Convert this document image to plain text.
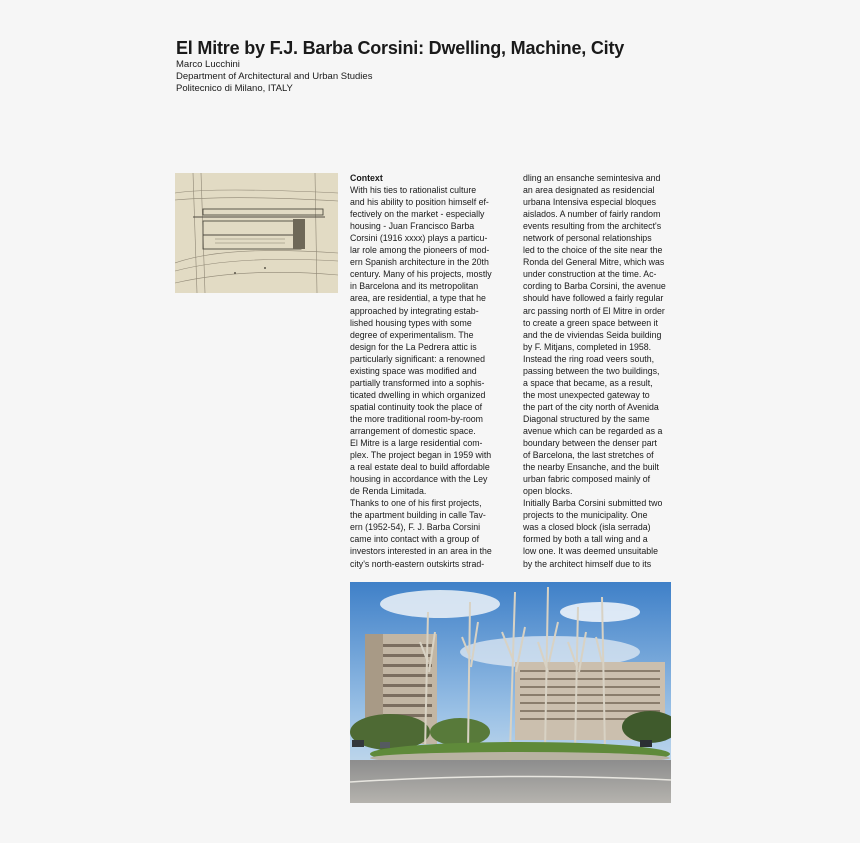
El Mitre by F.J. Barba Corsini: Dwelling, Machine, City
Marco Lucchini
Department of Architectural and Urban Studies
Politecnico di Milano, ITALY
Context
With his ties to rationalist culture
and his ability to position himself ef-
fectively on the market - especially
housing - Juan Francisco Barba
Corsini (1916 xxxx) plays a particu-
lar role among the pioneers of mod-
ern Spanish architecture in the 20th
century. Many of his projects, mostly
in Barcelona and its metropolitan
area, are residential, a type that he
approached by integrating estab-
lished housing types with some
degree of experimentalism. The
design for the La Pedrera attic is
particularly significant: a renowned
existing space was modified and
partially transformed into a sophis-
ticated dwelling in which organized
spatial continuity took the place of
the more traditional room-by-room
arrangement of domestic space.
El Mitre is a large residential com-
plex. The project began in 1959 with
a real estate deal to build affordable
housing in accordance with the Ley
de Renda Limitada.
Thanks to one of his first projects,
the apartment building in calle Tav-
ern (1952-54), F. J. Barba Corsini
came into contact with a group of
investors interested in an area in the
city's north-eastern outskirts strad-
dling an ensanche semintesiva and
an area designated as residencial
urbana Intensiva especial bloques
aislados. A number of fairly random
events resulting from the architect's
network of personal relationships
led to the choice of the site near the
Ronda del General Mitre, which was
under construction at the time. Ac-
cording to Barba Corsini, the avenue
should have followed a fairly regular
arc passing north of El Mitre in order
to create a green space between it
and the de viviendas Seida building
by F. Mitjans, completed in 1958.
Instead the ring road veers south,
passing between the two buildings,
a space that became, as a result,
the most unexpected gateway to
the part of the city north of Avenida
Diagonal structured by the same
avenue which can be regarded as a
boundary between the denser part
of Barcelona, the last stretches of
the nearby Ensanche, and the built
urban fabric composed mainly of
open blocks.
Initially Barba Corsini submitted two
projects to the municipality. One
was a closed block (isla serrada)
formed by both a tall wing and a
low one. It was deemed unsuitable
by the architect himself due to its
